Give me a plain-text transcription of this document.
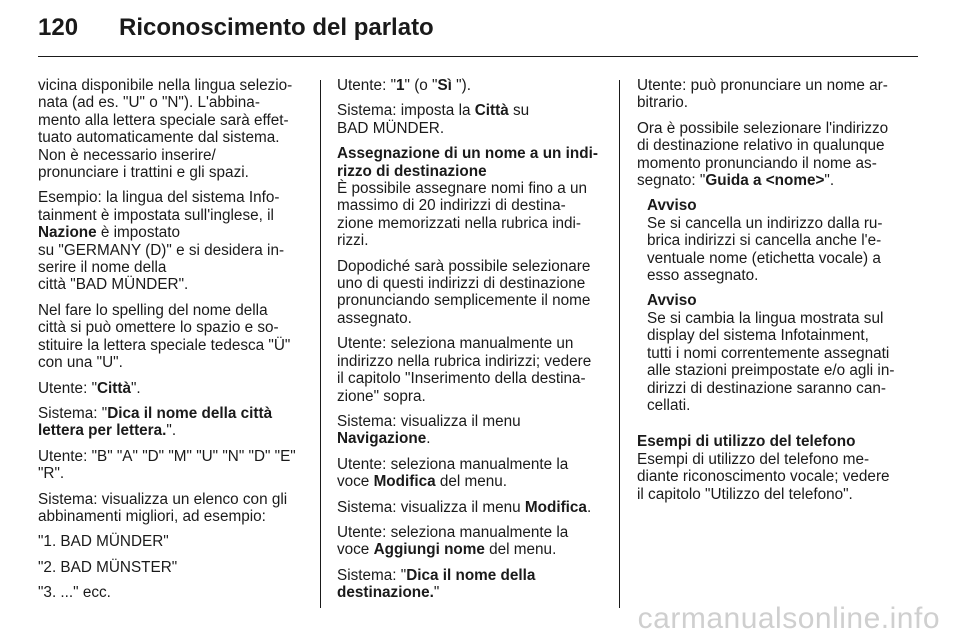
120 Riconoscimento del parlato

vicina disponibile nella lingua selezio-
nata (ad es. "U" o "N"). L'abbina-
mento alla lettera speciale sarà effet-
tuato automaticamente dal sistema.
Non è necessario inserire/
pronunciare i trattini e gli spazi.

Esempio: la lingua del sistema Info-
tainment è impostata sull'inglese, il
Nazione è impostato
su "GERMANY (D)" e si desidera in-
serire il nome della
città "BAD MÜNDER".

Nel fare lo spelling del nome della
città si può omettere lo spazio e so-
stituire la lettera speciale tedesca "Ü"
con una "U".

Utente: "Città".

Sistema: "Dica il nome della città
lettera per lettera.".

Utente: "B" "A" "D" "M" "U" "N" "D" "E"
"R".

Sistema: visualizza un elenco con gli
abbinamenti migliori, ad esempio:

"1. BAD MÜNDER"

"2. BAD MÜNSTER"

"3. ..." ecc.

Utente: "1" (o "Sì ").

Sistema: imposta la Città su
BAD MÜNDER.

Assegnazione di un nome a un indi-
rizzo di destinazione

È possibile assegnare nomi fino a un
massimo di 20 indirizzi di destina-
zione memorizzati nella rubrica indi-
rizzi.

Dopodiché sarà possibile selezionare
uno di questi indirizzi di destinazione
pronunciando semplicemente il nome
assegnato.

Utente: seleziona manualmente un
indirizzo nella rubrica indirizzi; vedere
il capitolo "Inserimento della destina-
zione" sopra.

Sistema: visualizza il menu
Navigazione.

Utente: seleziona manualmente la
voce Modifica del menu.

Sistema: visualizza il menu Modifica.

Utente: seleziona manualmente la
voce Aggiungi nome del menu.

Sistema: "Dica il nome della
destinazione."

Utente: può pronunciare un nome ar-
bitrario.

Ora è possibile selezionare l'indirizzo
di destinazione relativo in qualunque
momento pronunciando il nome as-
segnato: "Guida a <nome>".

Avviso
Se si cancella un indirizzo dalla ru-
brica indirizzi si cancella anche l'e-
ventuale nome (etichetta vocale) a
esso assegnato.
Avviso
Se si cambia la lingua mostrata sul
display del sistema Infotainment,
tutti i nomi correntemente assegnati
alle stazioni preimpostate e/o agli in-
dirizzi di destinazione saranno can-
cellati.
Esempi di utilizzo del telefono

Esempi di utilizzo del telefono me-
diante riconoscimento vocale; vedere
il capitolo "Utilizzo del telefono".

carmanualsonline.info
